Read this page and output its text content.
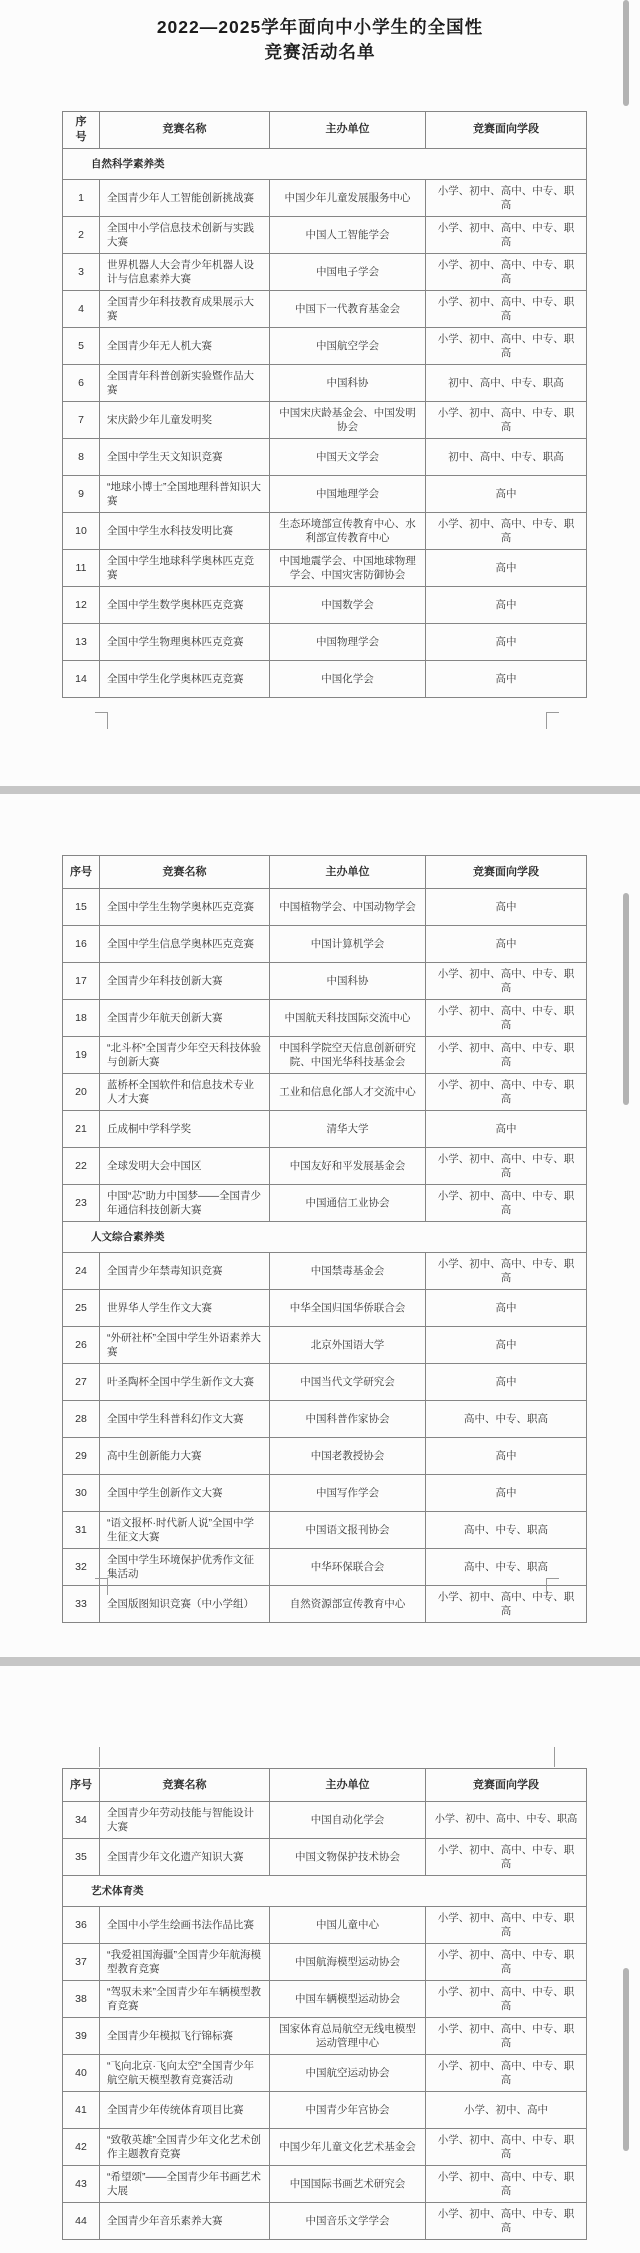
2022—2025学年面向中小学生的全国性
竞赛活动名单
序
号	竞赛名称	主办单位	竞赛面向学段
自然科学素养类			
1	全国青少年人工智能创新挑战赛	中国少年儿童发展服务中心	小学、初中、高中、中专、职高
2	全国中小学信息技术创新与实践大赛	中国人工智能学会	小学、初中、高中、中专、职高
3	世界机器人大会青少年机器人设计与信息素养大赛	中国电子学会	小学、初中、高中、中专、职高
4	全国青少年科技教育成果展示大赛	中国下一代教育基金会	小学、初中、高中、中专、职高
5	全国青少年无人机大赛	中国航空学会	小学、初中、高中、中专、职高
6	全国青年科普创新实验暨作品大赛	中国科协	初中、高中、中专、职高
7	宋庆龄少年儿童发明奖	中国宋庆龄基金会、中国发明协会	小学、初中、高中、中专、职高
8	全国中学生天文知识竞赛	中国天文学会	初中、高中、中专、职高
9	“地球小博士”全国地理科普知识大赛	中国地理学会	高中
10	全国中学生水科技发明比赛	生态环境部宣传教育中心、水利部宣传教育中心	小学、初中、高中、中专、职高
11	全国中学生地球科学奥林匹克竞赛	中国地震学会、中国地球物理学会、中国灾害防御协会	高中
12	全国中学生数学奥林匹克竞赛	中国数学会	高中
13	全国中学生物理奥林匹克竞赛	中国物理学会	高中
14	全国中学生化学奥林匹克竞赛	中国化学会	高中
序号	竞赛名称	主办单位	竞赛面向学段
15	全国中学生生物学奥林匹克竞赛	中国植物学会、中国动物学会	高中
16	全国中学生信息学奥林匹克竞赛	中国计算机学会	高中
17	全国青少年科技创新大赛	中国科协	小学、初中、高中、中专、职高
18	全国青少年航天创新大赛	中国航天科技国际交流中心	小学、初中、高中、中专、职高
19	“北斗杯”全国青少年空天科技体验与创新大赛	中国科学院空天信息创新研究院、中国光华科技基金会	小学、初中、高中、中专、职高
20	蓝桥杯全国软件和信息技术专业人才大赛	工业和信息化部人才交流中心	小学、初中、高中、中专、职高
21	丘成桐中学科学奖	清华大学	高中
22	全球发明大会中国区	中国友好和平发展基金会	小学、初中、高中、中专、职高
23	中国“芯”助力中国梦——全国青少年通信科技创新大赛	中国通信工业协会	小学、初中、高中、中专、职高
人文综合素养类			
24	全国青少年禁毒知识竞赛	中国禁毒基金会	小学、初中、高中、中专、职高
25	世界华人学生作文大赛	中华全国归国华侨联合会	高中
26	“外研社杯”全国中学生外语素养大赛	北京外国语大学	高中
27	叶圣陶杯全国中学生新作文大赛	中国当代文学研究会	高中
28	全国中学生科普科幻作文大赛	中国科普作家协会	高中、中专、职高
29	高中生创新能力大赛	中国老教授协会	高中
30	全国中学生创新作文大赛	中国写作学会	高中
31	“语文报杯·时代新人说”全国中学生征文大赛	中国语文报刊协会	高中、中专、职高
32	全国中学生环境保护优秀作文征集活动	中华环保联合会	高中、中专、职高
33	全国版图知识竞赛（中小学组）	自然资源部宣传教育中心	小学、初中、高中、中专、职高
序号	竞赛名称	主办单位	竞赛面向学段
34	全国青少年劳动技能与智能设计大赛	中国自动化学会	小学、初中、高中、中专、职高
35	全国青少年文化遗产知识大赛	中国文物保护技术协会	小学、初中、高中、中专、职高
艺术体育类			
36	全国中小学生绘画书法作品比赛	中国儿童中心	小学、初中、高中、中专、职高
37	“我爱祖国海疆”全国青少年航海模型教育竞赛	中国航海模型运动协会	小学、初中、高中、中专、职高
38	“驾驭未来”全国青少年车辆模型教育竞赛	中国车辆模型运动协会	小学、初中、高中、中专、职高
39	全国青少年模拟飞行锦标赛	国家体育总局航空无线电模型运动管理中心	小学、初中、高中、中专、职高
40	“飞向北京·飞向太空”全国青少年航空航天模型教育竞赛活动	中国航空运动协会	小学、初中、高中、中专、职高
41	全国青少年传统体育项目比赛	中国青少年宫协会	小学、初中、高中
42	“致敬英雄”全国青少年文化艺术创作主题教育竞赛	中国少年儿童文化艺术基金会	小学、初中、高中、中专、职高
43	“希望颂”——全国青少年书画艺术大展	中国国际书画艺术研究会	小学、初中、高中、中专、职高
44	全国青少年音乐素养大赛	中国音乐文学学会	小学、初中、高中、中专、职高
